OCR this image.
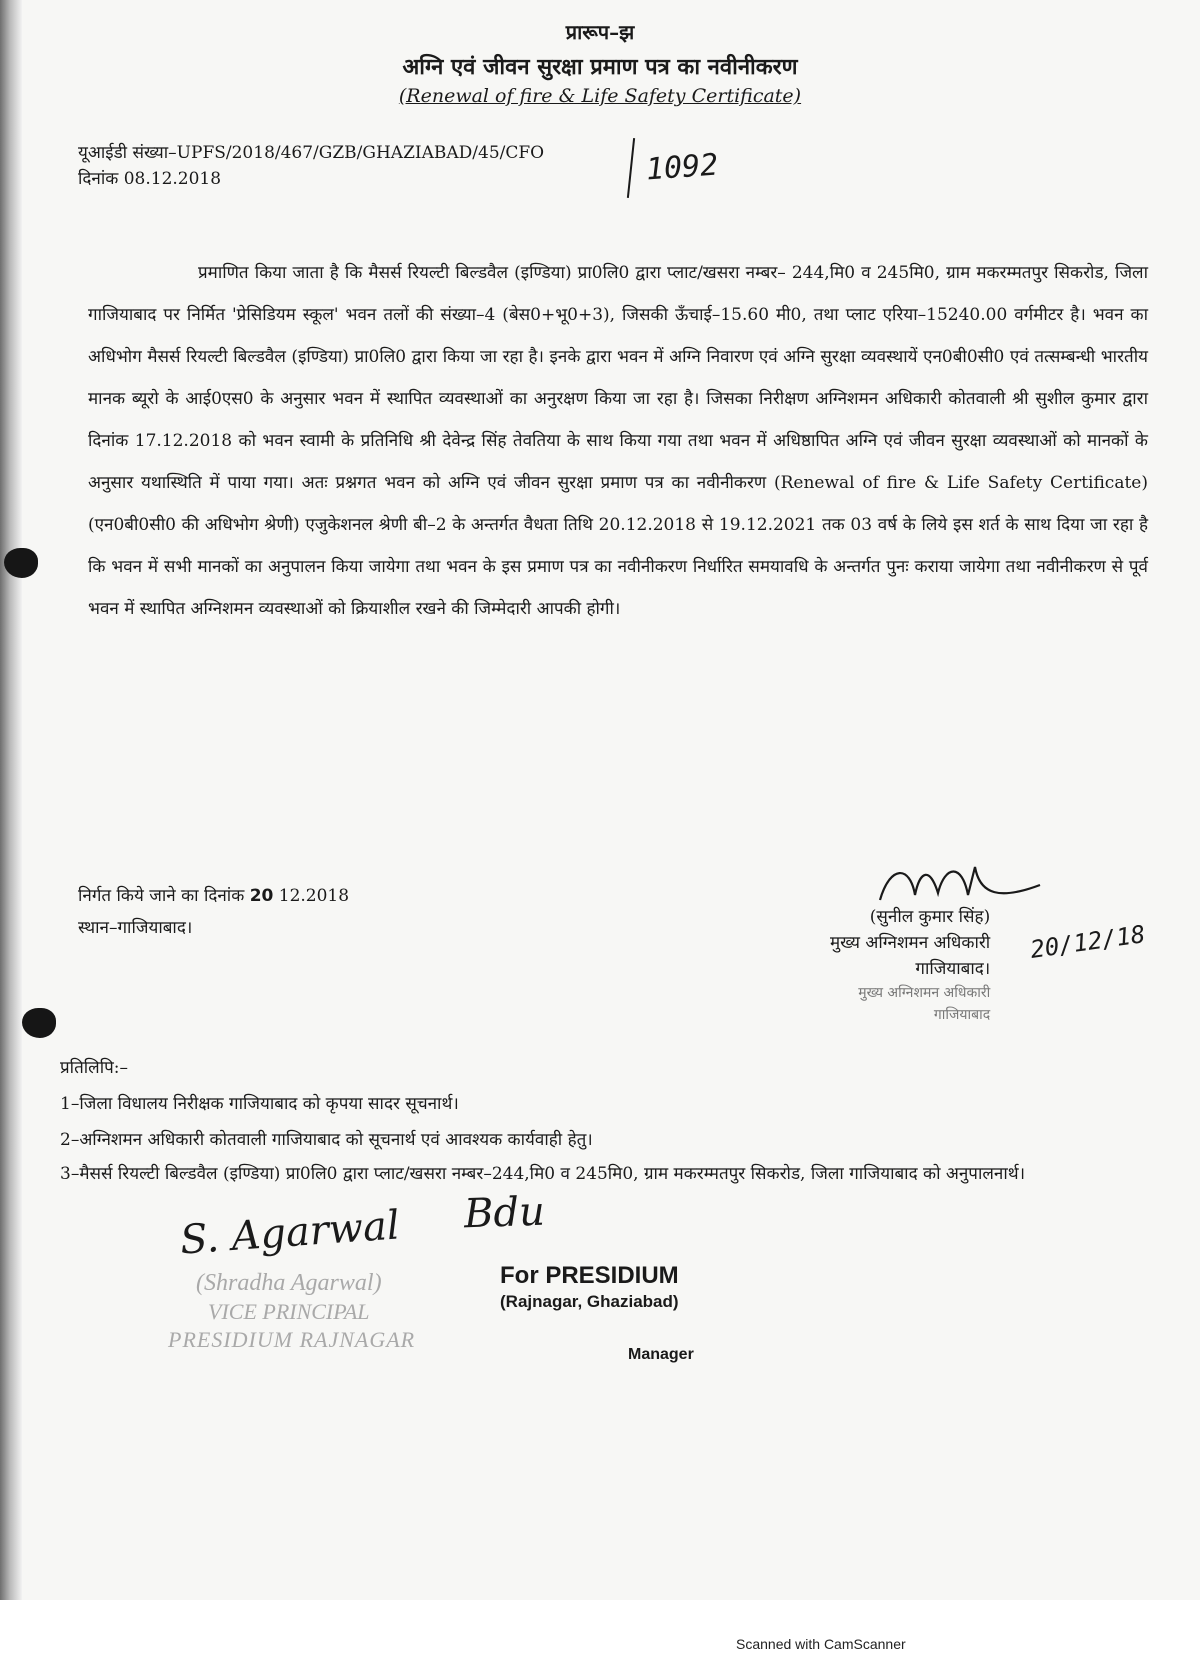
प्रारूप–झ
अग्नि एवं जीवन सुरक्षा प्रमाण पत्र का नवीनीकरण
(Renewal of fire & Life Safety Certificate)
यूआईडी संख्या–UPFS/2018/467/GZB/GHAZIABAD/45/CFO
दिनांक 08.12.2018	1092
प्रमाणित किया जाता है कि मैसर्स रियल्टी बिल्डवैल (इण्डिया) प्रा0लि0 द्वारा प्लाट/खसरा नम्बर– 244,मि0 व 245मि0, ग्राम मकरम्मतपुर सिकरोड, जिला गाजियाबाद पर निर्मित 'प्रेसिडियम स्कूल' भवन तलों की संख्या–4 (बेस0+भू0+3), जिसकी ऊँचाई–15.60 मी0, तथा प्लाट एरिया–15240.00 वर्गमीटर है। भवन का अधिभोग मैसर्स रियल्टी बिल्डवैल (इण्डिया) प्रा0लि0 द्वारा किया जा रहा है। इनके द्वारा भवन में अग्नि निवारण एवं अग्नि सुरक्षा व्यवस्थायें एन0बी0सी0 एवं तत्सम्बन्धी भारतीय मानक ब्यूरो के आई0एस0 के अनुसार भवन में स्थापित व्यवस्थाओं का अनुरक्षण किया जा रहा है। जिसका निरीक्षण अग्निशमन अधिकारी कोतवाली श्री सुशील कुमार द्वारा दिनांक 17.12.2018 को भवन स्वामी के प्रतिनिधि श्री देवेन्द्र सिंह तेवतिया के साथ किया गया तथा भवन में अधिष्ठापित अग्नि एवं जीवन सुरक्षा व्यवस्थाओं को मानकों के अनुसार यथास्थिति में पाया गया। अतः प्रश्नगत भवन को अग्नि एवं जीवन सुरक्षा प्रमाण पत्र का नवीनीकरण (Renewal of fire & Life Safety Certificate) (एन0बी0सी0 की अधिभोग श्रेणी) एजुकेशनल श्रेणी बी–2 के अन्तर्गत वैधता तिथि 20.12.2018 से 19.12.2021 तक 03 वर्ष के लिये इस शर्त के साथ दिया जा रहा है कि भवन में सभी मानकों का अनुपालन किया जायेगा तथा भवन के इस प्रमाण पत्र का नवीनीकरण निर्धारित समयावधि के अन्तर्गत पुनः कराया जायेगा तथा नवीनीकरण से पूर्व भवन में स्थापित अग्निशमन व्यवस्थाओं को क्रियाशील रखने की जिम्मेदारी आपकी होगी।
निर्गत किये जाने का दिनांक 20 12.2018
स्थान–गाजियाबाद।
(सुनील कुमार सिंह)
मुख्य अग्निशमन अधिकारी
गाजियाबाद।
मुख्य अग्निशमन अधिकारी
गाजियाबाद
20/12/18
प्रतिलिपि:–
1–जिला विधालय निरीक्षक गाजियाबाद को कृपया सादर सूचनार्थ।
2–अग्निशमन अधिकारी कोतवाली गाजियाबाद को सूचनार्थ एवं आवश्यक कार्यवाही हेतु।
3–मैसर्स रियल्टी बिल्डवैल (इण्डिया) प्रा0लि0 द्वारा प्लाट/खसरा नम्बर–244,मि0 व 245मि0, ग्राम मकरम्मतपुर सिकरोड, जिला गाजियाबाद को अनुपालनार्थ।
S. Agarwal
(Shradha Agarwal)
VICE PRINCIPAL
PRESIDIUM RAJNAGAR
Bdu
For PRESIDIUM
(Rajnagar, Ghaziabad)
Manager
Scanned with CamScanner
